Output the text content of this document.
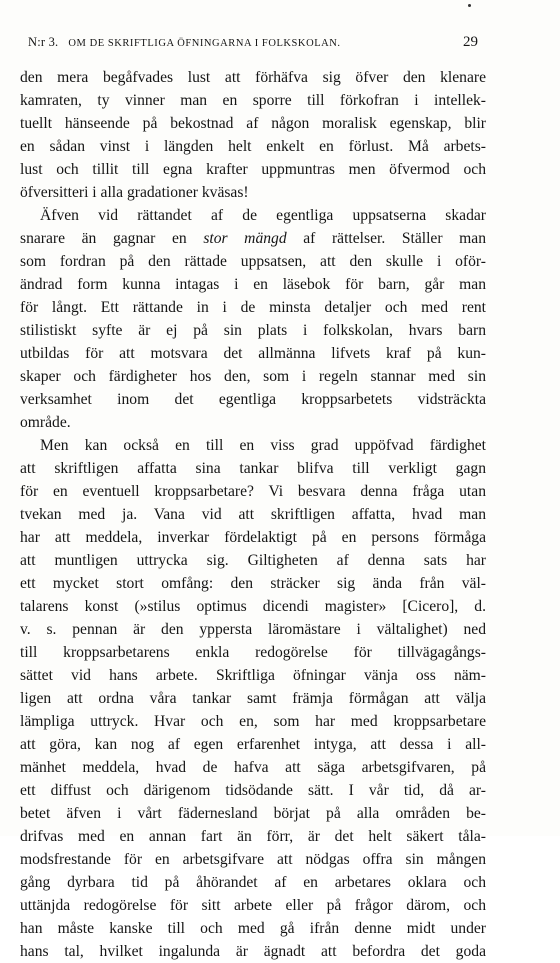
N:r 3. OM DE SKRIFTLIGA ÖFNINGARNA I FOLKSKOLAN.	29
den mera begåfvades lust att förhäfva sig öfver den klenare
kamraten, ty vinner man en sporre till förkofran i intellek-
tuellt hänseende på bekostnad af någon moralisk egenskap, blir
en sådan vinst i längden helt enkelt en förlust. Må arbets-
lust och tillit till egna krafter uppmuntras men öfvermod och
öfversitteri i alla gradationer kväsas!
Äfven vid rättandet af de egentliga uppsatserna skadar
snarare än gagnar en stor mängd af rättelser. Ställer man
som fordran på den rättade uppsatsen, att den skulle i oför-
ändrad form kunna intagas i en läsebok för barn, går man
för långt. Ett rättande in i de minsta detaljer och med rent
stilistiskt syfte är ej på sin plats i folkskolan, hvars barn
utbildas för att motsvara det allmänna lifvets kraf på kun-
skaper och färdigheter hos den, som i regeln stannar med sin
verksamhet inom det egentliga kroppsarbetets vidsträckta
område.
Men kan också en till en viss grad uppöfvad färdighet
att skriftligen affatta sina tankar blifva till verkligt gagn
för en eventuell kroppsarbetare? Vi besvara denna fråga utan
tvekan med ja. Vana vid att skriftligen affatta, hvad man
har att meddela, inverkar fördelaktigt på en persons förmåga
att muntligen uttrycka sig. Giltigheten af denna sats har
ett mycket stort omfång: den sträcker sig ända från väl-
talarens konst (»stilus optimus dicendi magister» [Cicero], d.
v. s. pennan är den yppersta läromästare i vältalighet) ned
till kroppsarbetarens enkla redogörelse för tillvägagångs-
sättet vid hans arbete. Skriftliga öfningar vänja oss näm-
ligen att ordna våra tankar samt främja förmågan att välja
lämpliga uttryck. Hvar och en, som har med kroppsarbetare
att göra, kan nog af egen erfarenhet intyga, att dessa i all-
mänhet meddela, hvad de hafva att säga arbetsgifvaren, på
ett diffust och därigenom tidsödande sätt. I vår tid, då ar-
betet äfven i vårt fädernesland börjat på alla områden be-
drifvas med en annan fart än förr, är det helt säkert tåla-
modsfrestande för en arbetsgifvare att nödgas offra sin mången
gång dyrbara tid på åhörandet af en arbetares oklara och
uttänjda redogörelse för sitt arbete eller på frågor därom, och
han måste kanske till och med gå ifrån denne midt under
hans tal, hvilket ingalunda är ägnadt att befordra det goda
